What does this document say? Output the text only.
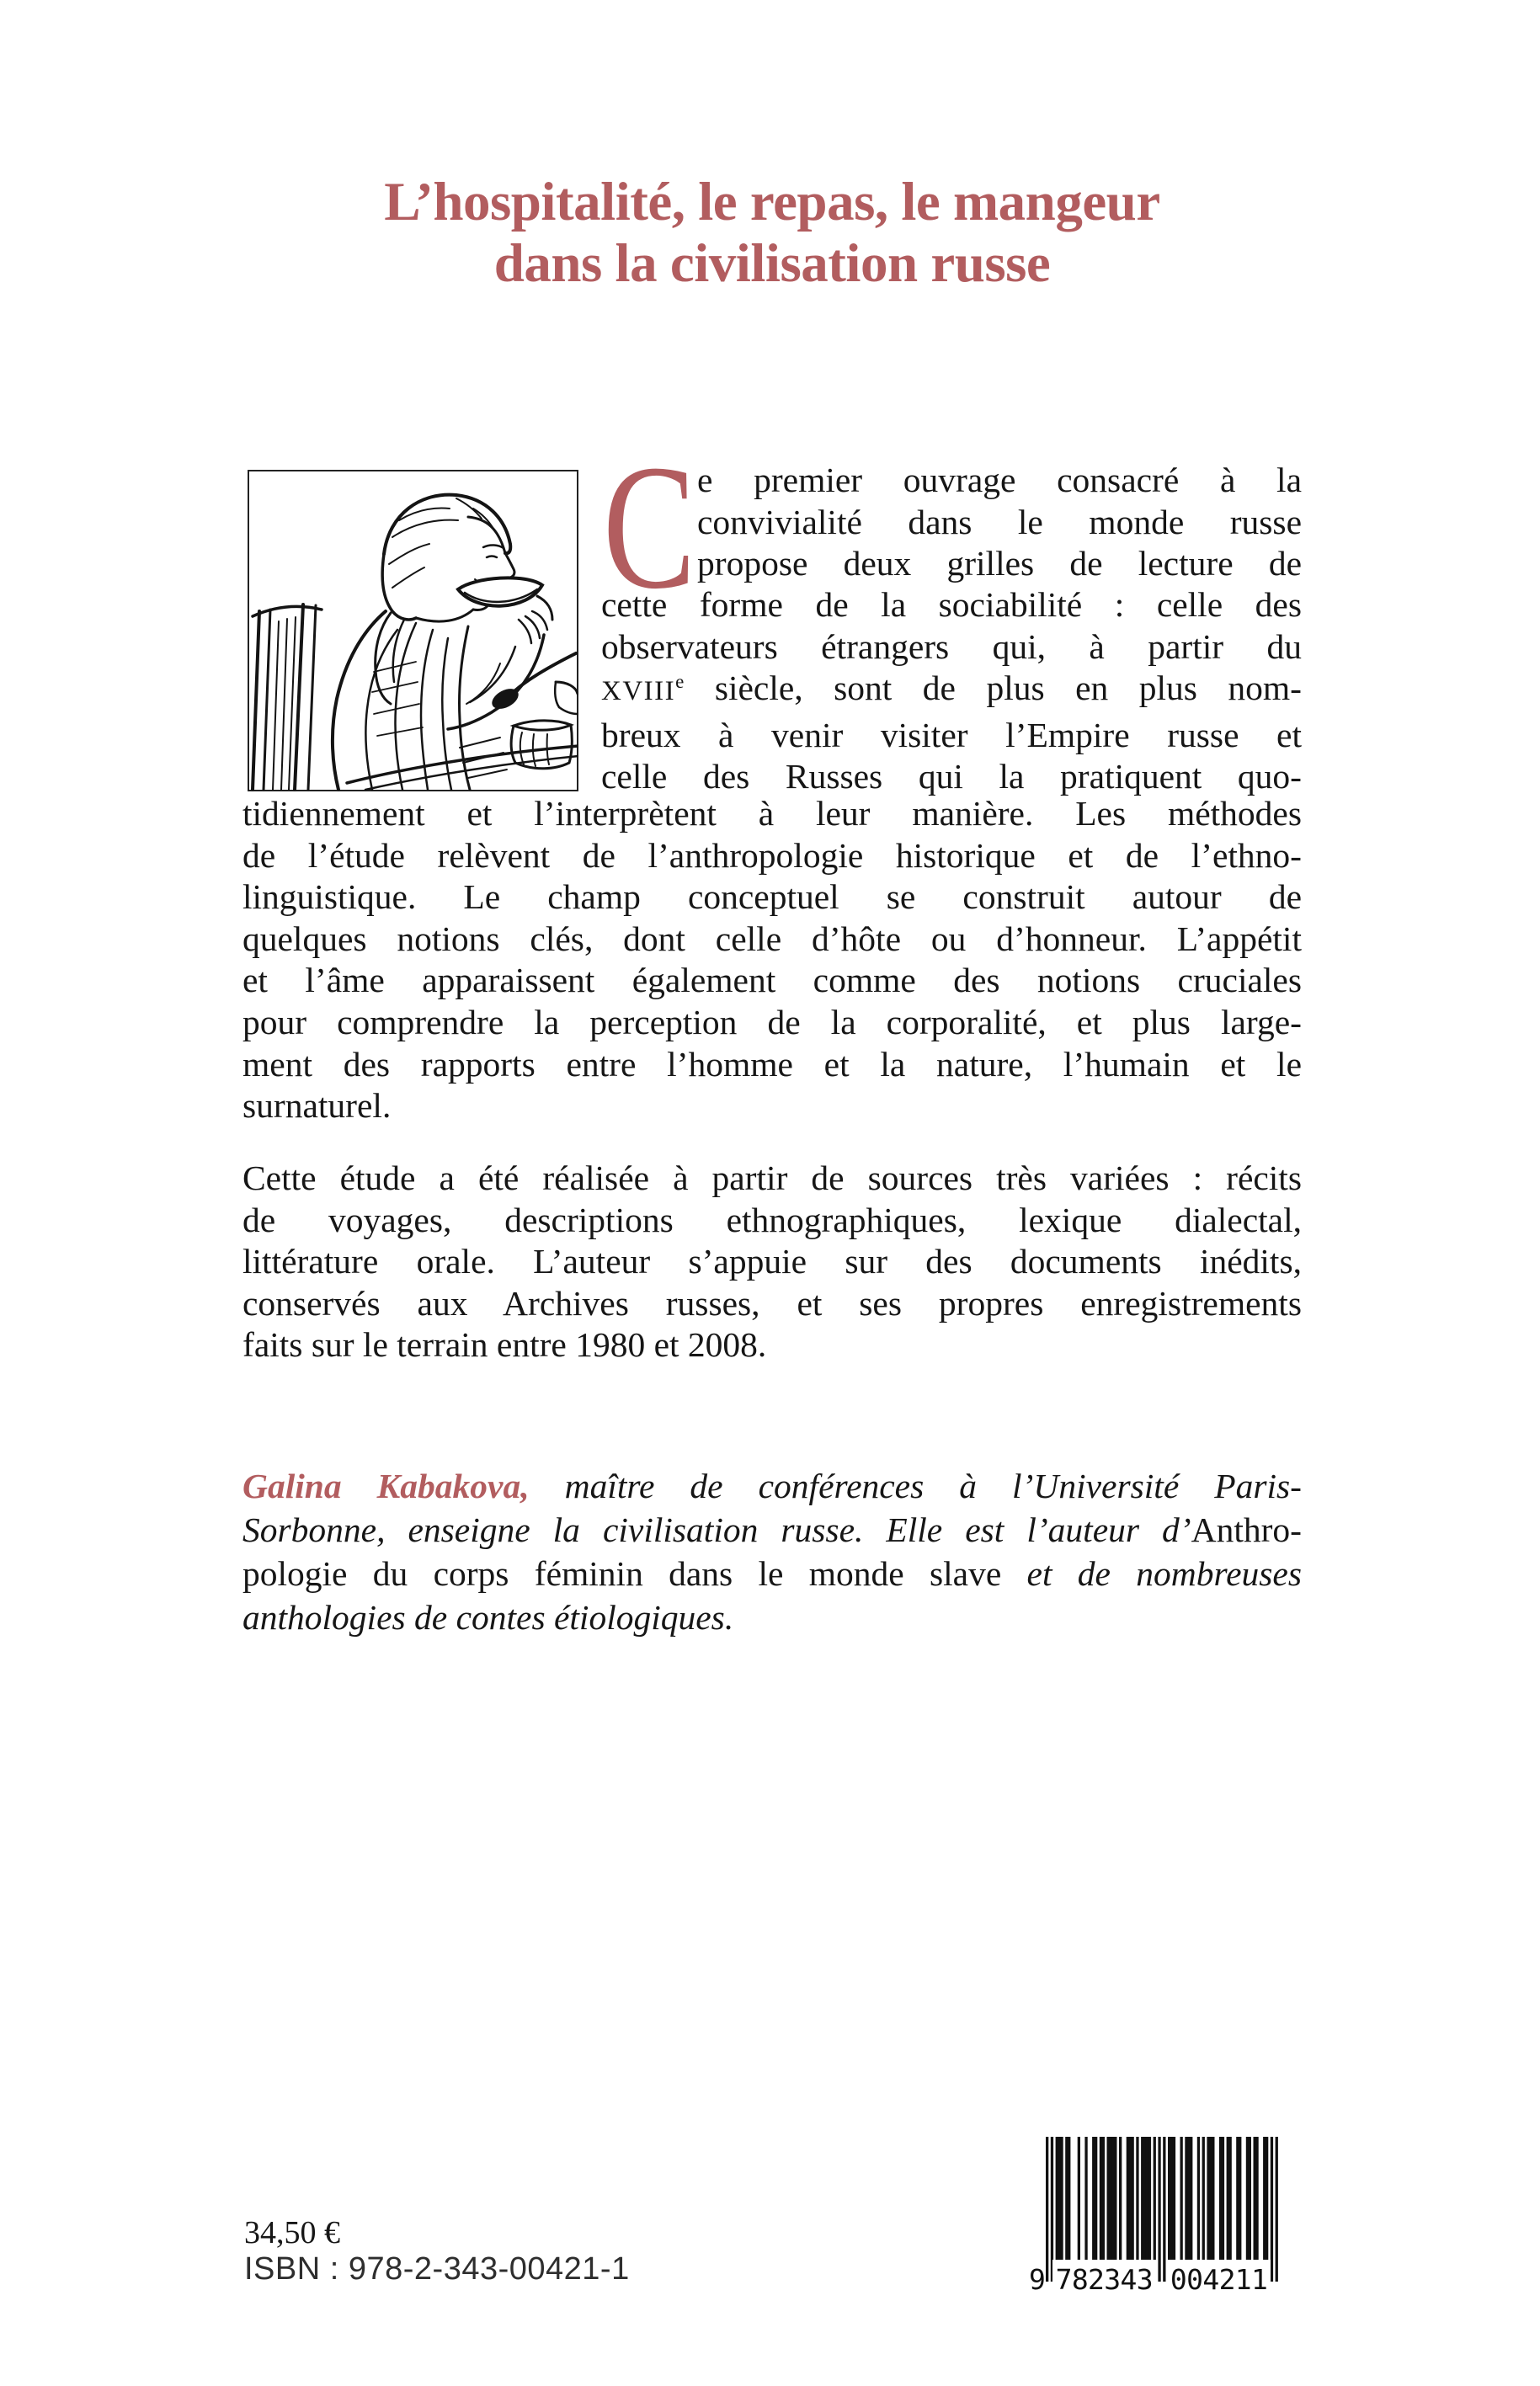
L’hospitalité, le repas, le mangeur
dans la civilisation russe
C e premier ouvrage consacré à la
convivialité dans le monde russe
propose deux grilles de lecture de
cette forme de la sociabilité : celle des
observateurs étrangers qui, à partir du
XVIIIe siècle, sont de plus en plus nom-
breux à venir visiter l’Empire russe et
celle des Russes qui la pratiquent quo-
tidiennement et l’interprètent à leur manière. Les méthodes
de l’étude relèvent de l’anthropologie historique et de l’ethno-
linguistique. Le champ conceptuel se construit autour de
quelques notions clés, dont celle d’hôte ou d’honneur. L’appétit
et l’âme apparaissent également comme des notions cruciales
pour comprendre la perception de la corporalité, et plus large-
ment des rapports entre l’homme et la nature, l’humain et le
surnaturel.
Cette étude a été réalisée à partir de sources très variées : récits
de voyages, descriptions ethnographiques, lexique dialectal,
littérature orale. L’auteur s’appuie sur des documents inédits,
conservés aux Archives russes, et ses propres enregistrements
faits sur le terrain entre 1980 et 2008.
Galina Kabakova, maître de conférences à l’Université Paris-
Sorbonne, enseigne la civilisation russe. Elle est l’auteur d’Anthro-
pologie du corps féminin dans le monde slave et de nombreuses
anthologies de contes étiologiques.
34,50 €
ISBN : 978-2-343-00421-1	9 782343 004211
